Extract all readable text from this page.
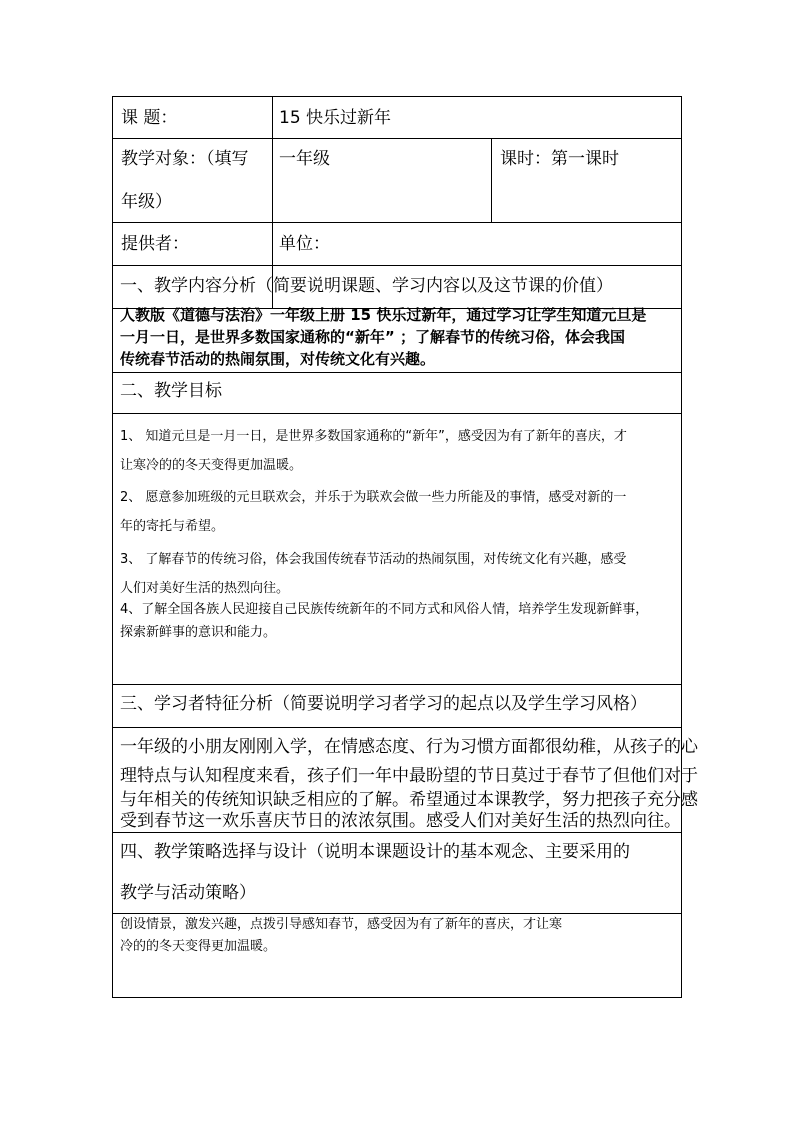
课 题：	15 快乐过新年
教学对象：（填写
年级）
一年级	课时：第一课时
提供者：	单位：
一、教学内容分析（简要说明课题、学习内容以及这节课的价值）
人教版《道德与法治》一年级上册 15 快乐过新年，通过学习让学生知道元旦是
一月一日，是世界多数国家通称的“新年” ；了解春节的传统习俗，体会我国
传统春节活动的热闹氛围，对传统文化有兴趣。
二、教学目标
1、 知道元旦是一月一日，是世界多数国家通称的“新年”，感受因为有了新年的喜庆，才
让寒冷的的冬天变得更加温暖。
2、 愿意参加班级的元旦联欢会，并乐于为联欢会做一些力所能及的事情，感受对新的一
年的寄托与希望。
3、 了解春节的传统习俗，体会我国传统春节活动的热闹氛围，对传统文化有兴趣，感受
人们对美好生活的热烈向往。
4、了解全国各族人民迎接自己民族传统新年的不同方式和风俗人情，培养学生发现新鲜事，
探索新鲜事的意识和能力。
三、学习者特征分析（简要说明学习者学习的起点以及学生学习风格）
一年级的小朋友刚刚入学，在情感态度、行为习惯方面都很幼稚，从孩子的心
理特点与认知程度来看，孩子们一年中最盼望的节日莫过于春节了但他们对于
与年相关的传统知识缺乏相应的了解。希望通过本课教学，努力把孩子充分感
受到春节这一欢乐喜庆节日的浓浓氛围。感受人们对美好生活的热烈向往。
四、教学策略选择与设计（说明本课题设计的基本观念、主要采用的
教学与活动策略）
创设情景，激发兴趣，点拨引导感知春节，感受因为有了新年的喜庆，才让寒
冷的的冬天变得更加温暖。
